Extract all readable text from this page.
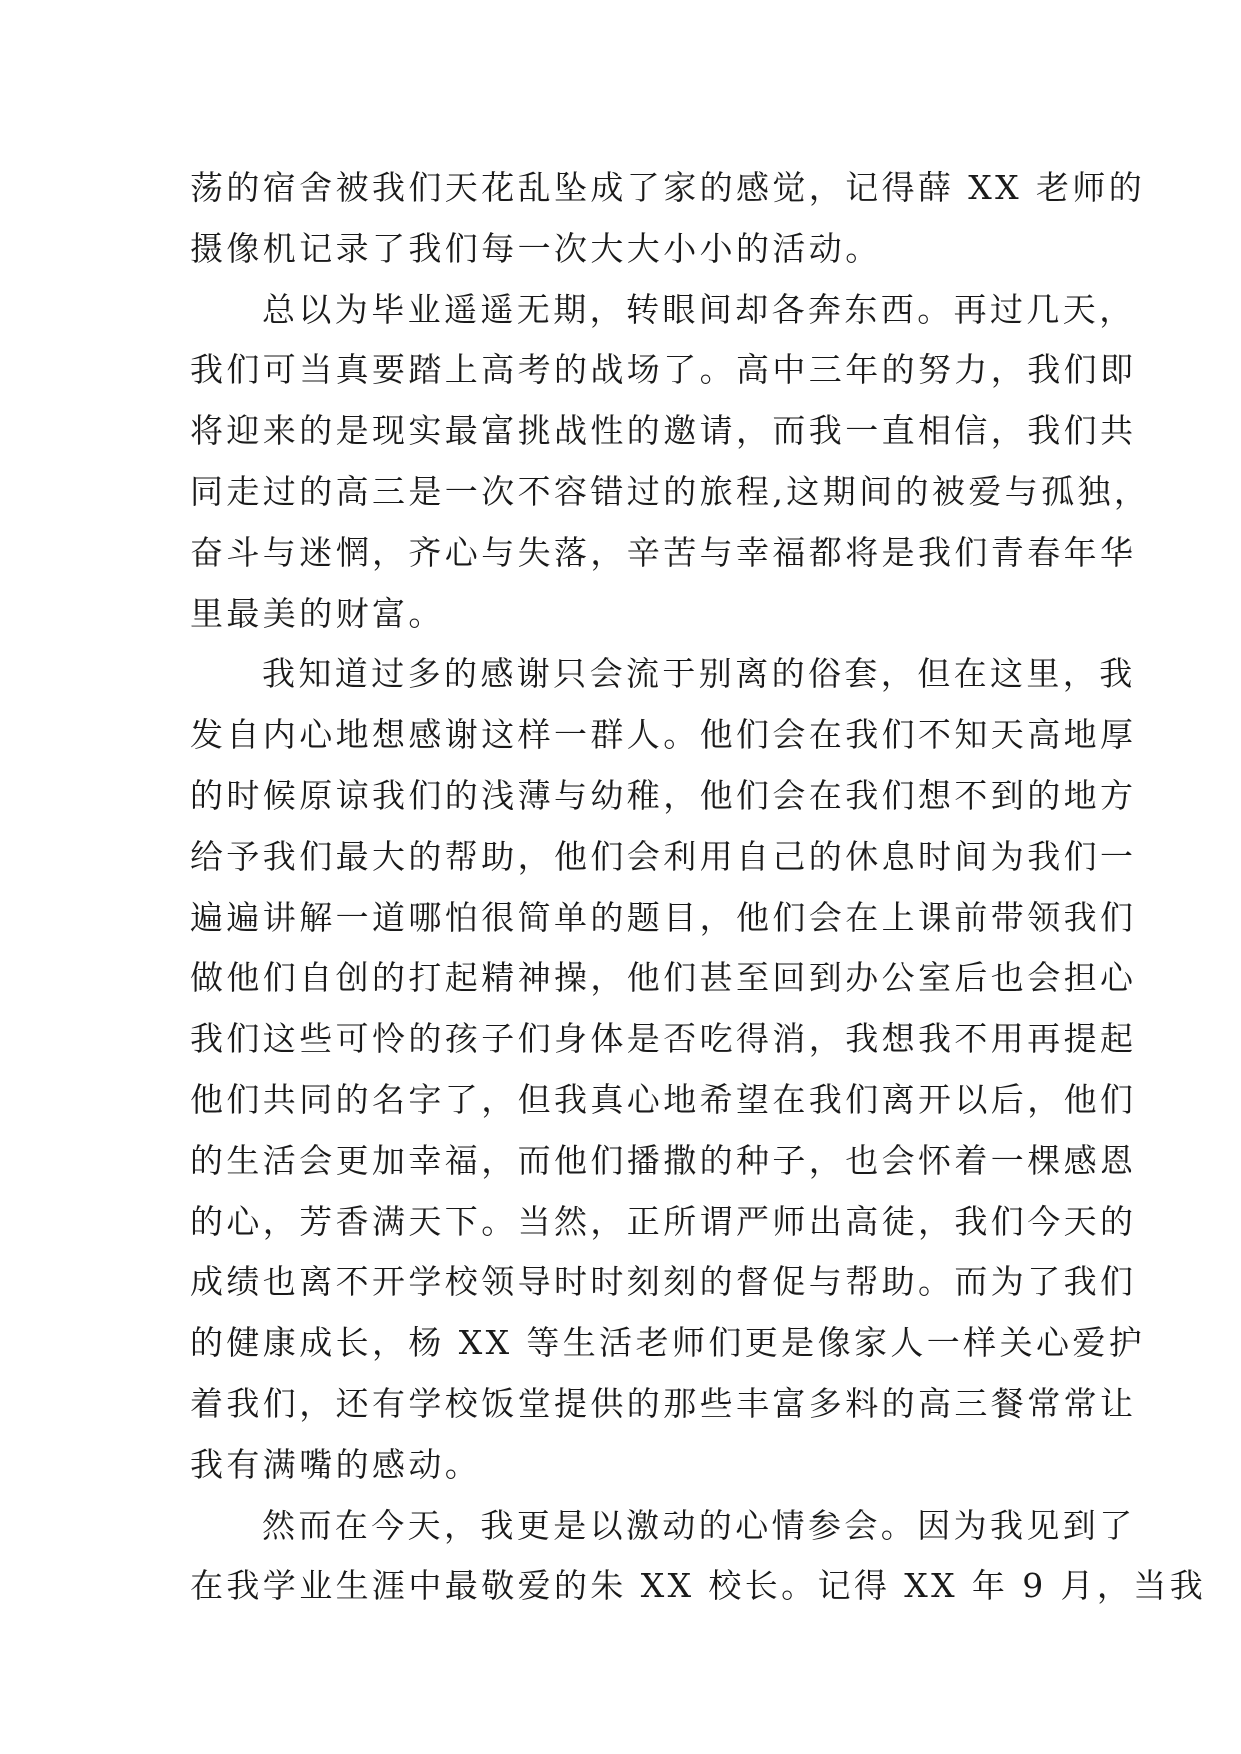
荡的宿舍被我们天花乱坠成了家的感觉，记得薛 XX 老师的
摄像机记录了我们每一次大大小小的活动。
总以为毕业遥遥无期，转眼间却各奔东西。再过几天，
我们可当真要踏上高考的战场了。高中三年的努力，我们即
将迎来的是现实最富挑战性的邀请，而我一直相信，我们共
同走过的高三是一次不容错过的旅程,这期间的被爱与孤独，
奋斗与迷惘，齐心与失落，辛苦与幸福都将是我们青春年华
里最美的财富。
我知道过多的感谢只会流于别离的俗套，但在这里，我
发自内心地想感谢这样一群人。他们会在我们不知天高地厚
的时候原谅我们的浅薄与幼稚，他们会在我们想不到的地方
给予我们最大的帮助，他们会利用自己的休息时间为我们一
遍遍讲解一道哪怕很简单的题目，他们会在上课前带领我们
做他们自创的打起精神操，他们甚至回到办公室后也会担心
我们这些可怜的孩子们身体是否吃得消，我想我不用再提起
他们共同的名字了，但我真心地希望在我们离开以后，他们
的生活会更加幸福，而他们播撒的种子，也会怀着一棵感恩
的心，芳香满天下。当然，正所谓严师出高徒，我们今天的
成绩也离不开学校领导时时刻刻的督促与帮助。而为了我们
的健康成长，杨 XX 等生活老师们更是像家人一样关心爱护
着我们，还有学校饭堂提供的那些丰富多料的高三餐常常让
我有满嘴的感动。
然而在今天，我更是以激动的心情参会。因为我见到了
在我学业生涯中最敬爱的朱 XX 校长。记得 XX 年 9 月，当我
